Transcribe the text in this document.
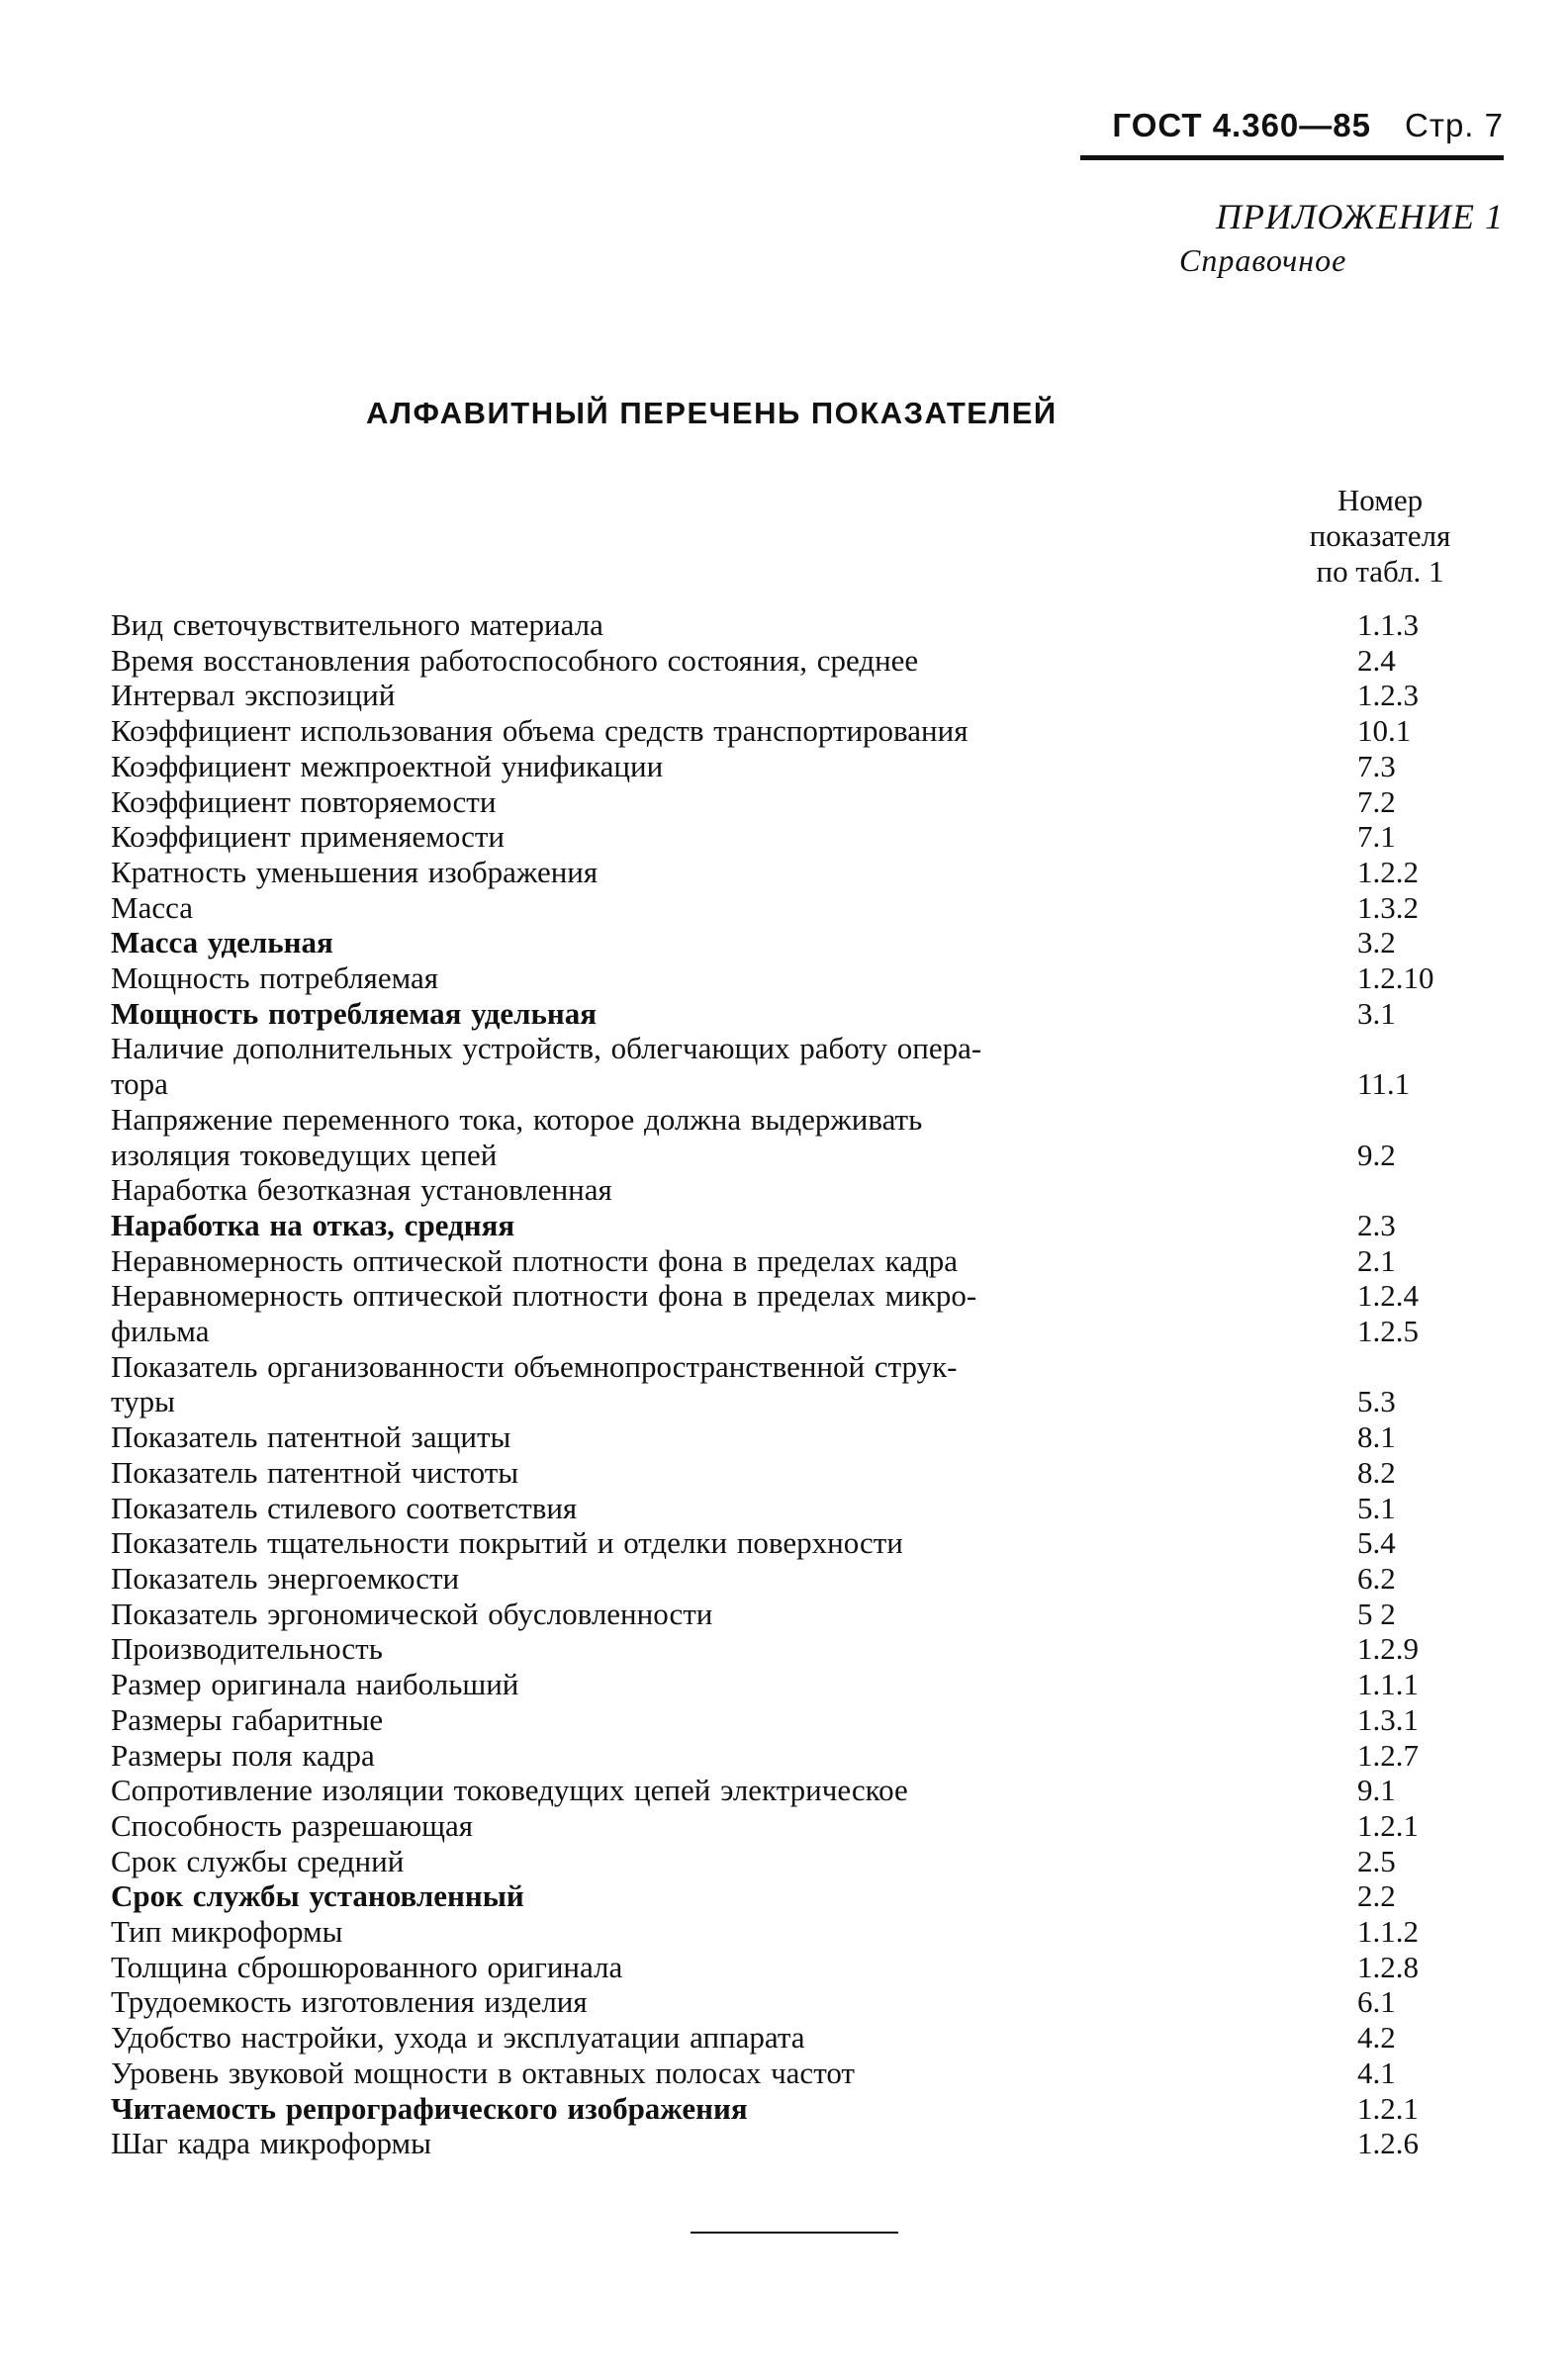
ГОСТ 4.360—85 Стр. 7
ПРИЛОЖЕНИЕ 1
Справочное
АЛФАВИТНЫЙ ПЕРЕЧЕНЬ ПОКАЗАТЕЛЕЙ
Номер
показателя
по табл. 1
Вид светочувствительного материала	1.1.3
Время восстановления работоспособного состояния, среднее	2.4
Интервал экспозиций	1.2.3
Коэффициент использования объема средств транспортирования	10.1
Коэффициент межпроектной унификации	7.3
Коэффициент повторяемости	7.2
Коэффициент применяемости	7.1
Кратность уменьшения изображения	1.2.2
Масса	1.3.2
Масса удельная	3.2
Мощность потребляемая	1.2.10
Мощность потребляемая удельная	3.1
Наличие дополнительных устройств, облегчающих работу опера-
тора	11.1
Напряжение переменного тока, которое должна выдерживать
изоляция токоведущих цепей	9.2
Наработка безотказная установленная
Наработка на отказ, средняя	2.3
Неравномерность оптической плотности фона в пределах кадра	2.1
Неравномерность оптической плотности фона в пределах микро-	1.2.4
фильма	1.2.5
Показатель организованности объемнопространственной струк-
туры	5.3
Показатель патентной защиты	8.1
Показатель патентной чистоты	8.2
Показатель стилевого соответствия	5.1
Показатель тщательности покрытий и отделки поверхности	5.4
Показатель энергоемкости	6.2
Показатель эргономической обусловленности	5 2
Производительность	1.2.9
Размер оригинала наибольший	1.1.1
Размеры габаритные	1.3.1
Размеры поля кадра	1.2.7
Сопротивление изоляции токоведущих цепей электрическое	9.1
Способность разрешающая	1.2.1
Срок службы средний	2.5
Срок службы установленный	2.2
Тип микроформы	1.1.2
Толщина сброшюрованного оригинала	1.2.8
Трудоемкость изготовления изделия	6.1
Удобство настройки, ухода и эксплуатации аппарата	4.2
Уровень звуковой мощности в октавных полосах частот	4.1
Читаемость репрографического изображения	1.2.1
Шаг кадра микроформы	1.2.6
